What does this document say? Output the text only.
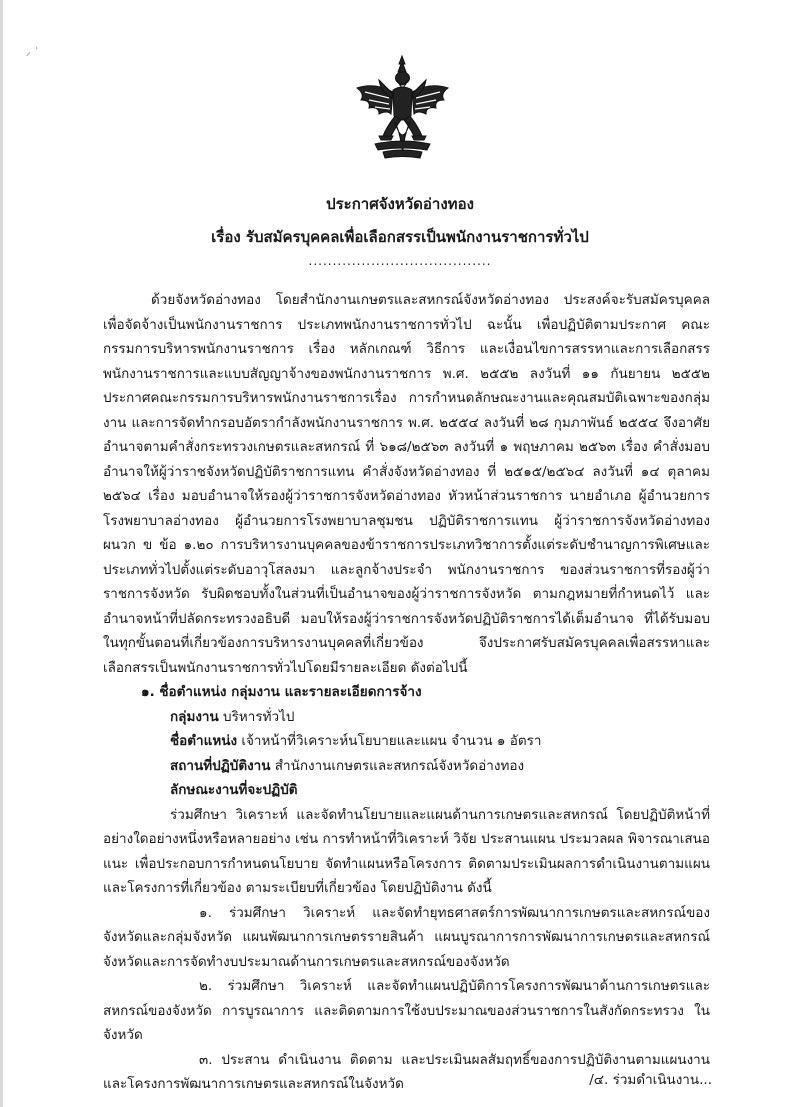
⸝ ˙
ประกาศจังหวัดอ่างทอง
เรื่อง รับสมัครบุคคลเพื่อเลือกสรรเป็นพนักงานราชการทั่วไป
......................................

ด้วยจังหวัดอ่างทอง โดยสำนักงานเกษตรและสหกรณ์จังหวัดอ่างทอง ประสงค์จะรับสมัครบุคคลเพื่อจัดจ้างเป็นพนักงานราชการ ประเภทพนักงานราชการทั่วไป ฉะนั้น เพื่อปฏิบัติตามประกาศ คณะกรรมการบริหารพนักงานราชการ เรื่อง หลักเกณฑ์ วิธีการ และเงื่อนไขการสรรหาและการเลือกสรรพนักงานราชการและแบบสัญญาจ้างของพนักงานราชการ พ.ศ. ๒๕๕๒ ลงวันที่ ๑๑ กันยายน ๒๕๕๒ ประกาศคณะกรรมการบริหารพนักงานราชการเรื่อง การกำหนดลักษณะงานและคุณสมบัติเฉพาะของกลุ่มงาน และการจัดทำกรอบอัตรากำลังพนักงานราชการ พ.ศ. ๒๕๕๔ ลงวันที่ ๒๘ กุมภาพันธ์ ๒๕๕๔ จึงอาศัยอำนาจตามคำสั่งกระทรวงเกษตรและสหกรณ์ ที่ ๖๑๘/๒๕๖๓ ลงวันที่ ๑ พฤษภาคม ๒๕๖๓ เรื่อง คำสั่งมอบอำนาจให้ผู้ว่าราชจังหวัดปฏิบัติราชการแทน คำสั่งจังหวัดอ่างทอง ที่ ๒๕๑๕/๒๕๖๔ ลงวันที่ ๑๔ ตุลาคม ๒๕๖๔ เรื่อง มอบอำนาจให้รองผู้ว่าราชการจังหวัดอ่างทอง หัวหน้าส่วนราชการ นายอำเภอ ผู้อำนวยการโรงพยาบาลอ่างทอง ผู้อำนวยการโรงพยาบาลชุมชน ปฏิบัติราชการแทน ผู้ว่าราชการจังหวัดอ่างทอง ผนวก ข ข้อ ๑.๒๐ การบริหารงานบุคคลของข้าราชการประเภทวิชาการตั้งแต่ระดับชำนาญการพิเศษและประเภททั่วไปตั้งแต่ระดับอาวุโสลงมา และลูกจ้างประจำ พนักงานราชการ ของส่วนราชการที่รองผู้ว่าราชการจังหวัด รับผิดชอบทั้งในส่วนที่เป็นอำนาจของผู้ว่าราชการจังหวัด ตามกฎหมายที่กำหนดไว้ และอำนาจหน้าที่ปลัดกระทรวงอธิบดี มอบให้รองผู้ว่าราชการจังหวัดปฏิบัติราชการได้เต็มอำนาจ ที่ได้รับมอบในทุกขั้นตอนที่เกี่ยวข้องการบริหารงานบุคคลที่เกี่ยวข้อง จึงประกาศรับสมัครบุคคลเพื่อสรรหาและเลือกสรรเป็นพนักงานราชการทั่วไปโดยมีรายละเอียด ดังต่อไปนี้

๑. ชื่อตำแหน่ง กลุ่มงาน และรายละเอียดการจ้าง

กลุ่มงาน บริหารทั่วไป

ชื่อตำแหน่ง เจ้าหน้าที่วิเคราะห์นโยบายและแผน จำนวน ๑ อัตรา

สถานที่ปฏิบัติงาน สำนักงานเกษตรและสหกรณ์จังหวัดอ่างทอง

ลักษณะงานที่จะปฏิบัติ

ร่วมศึกษา วิเคราะห์ และจัดทำนโยบายและแผนด้านการเกษตรและสหกรณ์ โดยปฏิบัติหน้าที่อย่างใดอย่างหนึ่งหรือหลายอย่าง เช่น การทำหน้าที่วิเคราะห์ วิจัย ประสานแผน ประมวลผล พิจารณาเสนอแนะ เพื่อประกอบการกำหนดนโยบาย จัดทำแผนหรือโครงการ ติดตามประเมินผลการดำเนินงานตามแผนและโครงการที่เกี่ยวข้อง ตามระเบียบที่เกี่ยวข้อง โดยปฏิบัติงาน ดังนี้

๑. ร่วมศึกษา วิเคราะห์ และจัดทำยุทธศาสตร์การพัฒนาการเกษตรและสหกรณ์ของจังหวัดและกลุ่มจังหวัด แผนพัฒนาการเกษตรรายสินค้า แผนบูรณาการการพัฒนาการเกษตรและสหกรณ์จังหวัดและการจัดทำงบประมาณด้านการเกษตรและสหกรณ์ของจังหวัด

๒. ร่วมศึกษา วิเคราะห์ และจัดทำแผนปฏิบัติการโครงการพัฒนาด้านการเกษตรและสหกรณ์ของจังหวัด การบูรณาการ และติดตามการใช้งบประมาณของส่วนราชการในสังกัดกระทรวง ในจังหวัด

๓. ประสาน ดำเนินงาน ติดตาม และประเมินผลสัมฤทธิ์ของการปฏิบัติงานตามแผนงานและโครงการพัฒนาการเกษตรและสหกรณ์ในจังหวัด	/๔. ร่วมดำเนินงาน...
